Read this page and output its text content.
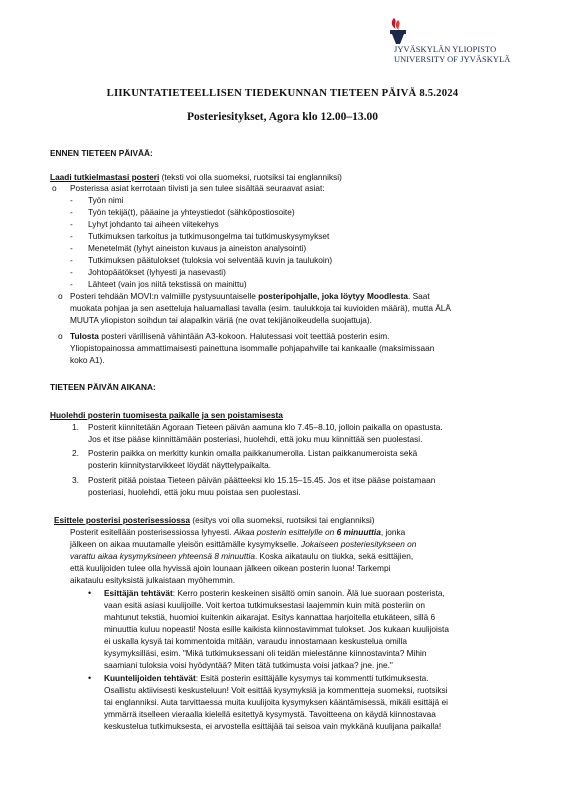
JYVÄSKYLÄN YLIOPISTO
UNIVERSITY OF JYVÄSKYLÄ
LIIKUNTATIETEELLISEN TIEDEKUNNAN TIETEEN PÄIVÄ 8.5.2024
Posteriesitykset, Agora klo 12.00–13.00
ENNEN TIETEEN PÄIVÄÄ:
Laadi tutkielmastasi posteri (teksti voi olla suomeksi, ruotsiksi tai englanniksi)
o Posterissa asiat kerrotaan tiivisti ja sen tulee sisältää seuraavat asiat:
- Työn nimi
- Työn tekijä(t), pääaine ja yhteystiedot (sähköpostiosoite)
- Lyhyt johdanto tai aiheen viitekehys
- Tutkimuksen tarkoitus ja tutkimusongelma tai tutkimuskysymykset
- Menetelmät (lyhyt aineiston kuvaus ja aineiston analysointi)
- Tutkimuksen päätulokset (tuloksia voi selventää kuvin ja taulukoin)
- Johtopäätökset (lyhyesti ja nasevasti)
- Lähteet (vain jos niitä tekstissä on mainittu)
o Posteri tehdään MOVI:n valmiille pystysuuntaiselle posteripohjalle, joka löytyy Moodlesta. Saat
muokata pohjaa ja sen asetteluja haluamallasi tavalla (esim. taulukkoja tai kuvioiden määrä), mutta ÄLÄ
MUUTA yliopiston soihdun tai alapalkin väriä (ne ovat tekijänoikeudella suojattuja).
o Tulosta posteri värillisenä vähintään A3-kokoon. Halutessasi voit teettää posterin esim.
Yliopistopainossa ammattimaisesti painettuna isommalle pohjapahville tai kankaalle (maksimissaan
koko A1).
TIETEEN PÄIVÄN AIKANA:
Huolehdi posterin tuomisesta paikalle ja sen poistamisesta
1. Posterit kiinnitetään Agoraan Tieteen päivän aamuna klo 7.45–8.10, jolloin paikalla on opastusta.
Jos et itse pääse kiinnittämään posteriasi, huolehdi, että joku muu kiinnittää sen puolestasi.
2. Posterin paikka on merkitty kunkin omalla paikkanumerolla. Listan paikkanumeroista sekä
posterin kiinnitystarvikkeet löydät näyttelypaikalta.
3. Posterit pitää poistaa Tieteen päivän päätteeksi klo 15.15–15.45. Jos et itse pääse poistamaan
posteriasi, huolehdi, että joku muu poistaa sen puolestasi.
Esittele posterisi posterisessiossa (esitys voi olla suomeksi, ruotsiksi tai englanniksi)
Posterit esitellään posterisessiossa lyhyesti. Aikaa posterin esittelylle on 6 minuuttia, jonka
jälkeen on aikaa muutamalle yleisön esittämälle kysymykselle. Jokaiseen posteriesitykseen on
varattu aikaa kysymyksineen yhteensä 8 minuuttia. Koska aikataulu on tiukka, sekä esittäjien,
että kuulijoiden tulee olla hyvissä ajoin lounaan jälkeen oikean posterin luona! Tarkempi
aikataulu esityksistä julkaistaan myöhemmin.
• Esittäjän tehtävät: Kerro posterin keskeinen sisältö omin sanoin. Älä lue suoraan posterista,
vaan esitä asiasi kuulijoille. Voit kertoa tutkimuksestasi laajemmin kuin mitä posteriin on
mahtunut tekstiä, huomioi kuitenkin aikarajat. Esitys kannattaa harjoitella etukäteen, sillä 6
minuuttia kuluu nopeasti! Nosta esille kaikista kiinnostavimmat tulokset. Jos kukaan kuulijoista
ei uskalla kysyä tai kommentoida mitään, varaudu innostamaan keskustelua omilla
kysymyksilläsi, esim. "Mikä tutkimuksessani oli teidän mielestänne kiinnostavinta? Mihin
saamiani tuloksia voisi hyödyntää? Miten tätä tutkimusta voisi jatkaa? jne. jne."
• Kuuntelijoiden tehtävät: Esitä posterin esittäjälle kysymys tai kommentti tutkimuksesta.
Osallistu aktiivisesti keskusteluun! Voit esittää kysymyksiä ja kommentteja suomeksi, ruotsiksi
tai englanniksi. Auta tarvittaessa muita kuulijoita kysymyksen kääntämisessä, mikäli esittäjä ei
ymmärrä itselleen vieraalla kielellä esitettyä kysymystä. Tavoitteena on käydä kiinnostavaa
keskustelua tutkimuksesta, ei arvostella esittäjää tai seisoa vain mykkänä kuulijana paikalla!
